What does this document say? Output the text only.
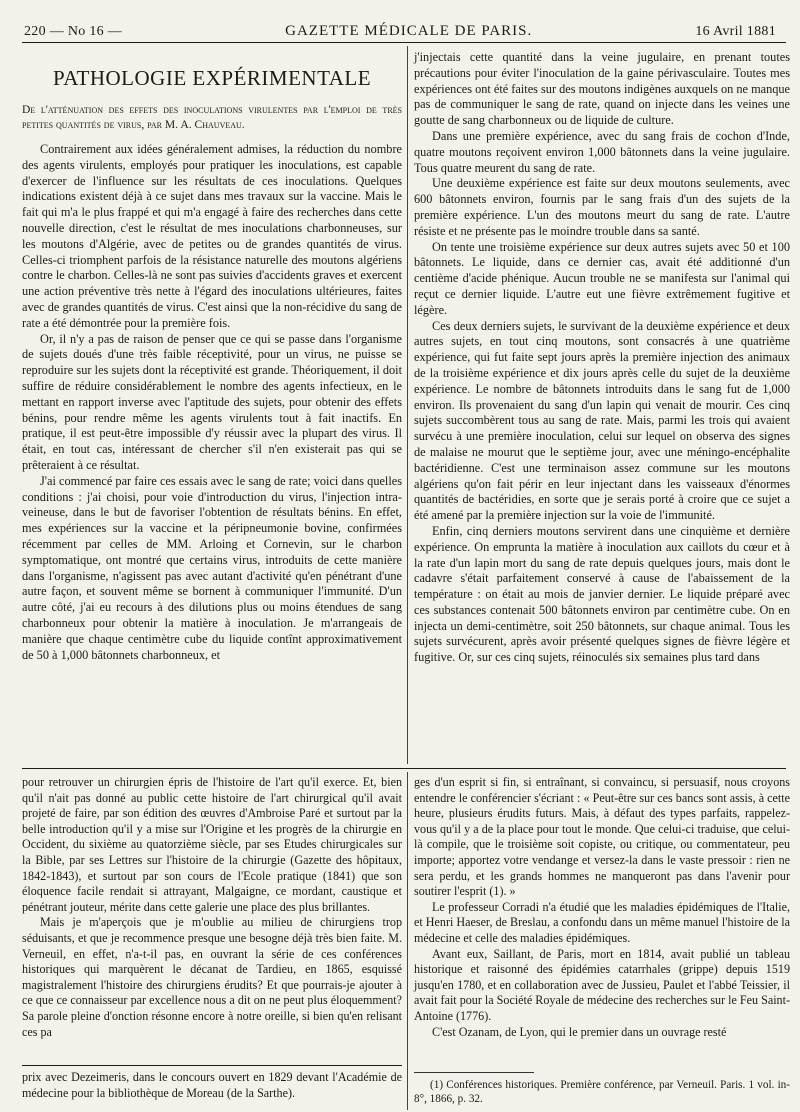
220 — No 16 —	GAZETTE MÉDICALE DE PARIS.	16 Avril 1881
PATHOLOGIE EXPÉRIMENTALE

De l'atténuation des effets des inoculations virulentes par l'emploi de très petites quantités de virus, par M. A. Chauveau.

Contrairement aux idées généralement admises, la réduction du nombre des agents virulents, employés pour pratiquer les inoculations, est capable d'exercer de l'influence sur les résultats de ces inoculations. Quelques indications existent déjà à ce sujet dans mes travaux sur la vaccine. Mais le fait qui m'a le plus frappé et qui m'a engagé à faire des recherches dans cette nouvelle direction, c'est le résultat de mes inoculations charbonneuses, sur les moutons d'Algérie, avec de petites ou de grandes quantités de virus. Celles-ci triomphent parfois de la résistance naturelle des moutons algériens contre le charbon. Celles-là ne sont pas suivies d'accidents graves et exercent une action préventive très nette à l'égard des inoculations ultérieures, faites avec de grandes quantités de virus. C'est ainsi que la non-récidive du sang de rate a été démontrée pour la première fois.

Or, il n'y a pas de raison de penser que ce qui se passe dans l'organisme de sujets doués d'une très faible réceptivité, pour un virus, ne puisse se reproduire sur les sujets dont la réceptivité est grande. Théoriquement, il doit suffire de réduire considérablement le nombre des agents infectieux, en le mettant en rapport inverse avec l'aptitude des sujets, pour obtenir des effets bénins, pour rendre même les agents virulents tout à fait inactifs. En pratique, il est peut-être impossible d'y réussir avec la plupart des virus. Il était, en tout cas, intéressant de chercher s'il n'en existerait pas qui se prêteraient à ce résultat.

J'ai commencé par faire ces essais avec le sang de rate; voici dans quelles conditions : j'ai choisi, pour voie d'introduction du virus, l'injection intra-veineuse, dans le but de favoriser l'obtention de résultats bénins. En effet, mes expériences sur la vaccine et la péripneumonie bovine, confirmées récemment par celles de MM. Arloing et Cornevin, sur le charbon symptomatique, ont montré que certains virus, introduits de cette manière dans l'organisme, n'agissent pas avec autant d'activité qu'en pénétrant d'une autre façon, et souvent même se bornent à communiquer l'immunité. D'un autre côté, j'ai eu recours à des dilutions plus ou moins étendues de sang charbonneux pour obtenir la matière à inoculation. Je m'arrangeais de manière que chaque centimètre cube du liquide contînt approximativement de 50 à 1,000 bâtonnets charbonneux, et

j'injectais cette quantité dans la veine jugulaire, en prenant toutes précautions pour éviter l'inoculation de la gaine périvasculaire. Toutes mes expériences ont été faites sur des moutons indigènes auxquels on ne manque pas de communiquer le sang de rate, quand on injecte dans les veines une goutte de sang charbonneux ou de liquide de culture.

Dans une première expérience, avec du sang frais de cochon d'Inde, quatre moutons reçoivent environ 1,000 bâtonnets dans la veine jugulaire. Tous quatre meurent du sang de rate.

Une deuxième expérience est faite sur deux moutons seulements, avec 600 bâtonnets environ, fournis par le sang frais d'un des sujets de la première expérience. L'un des moutons meurt du sang de rate. L'autre résiste et ne présente pas le moindre trouble dans sa santé.

On tente une troisième expérience sur deux autres sujets avec 50 et 100 bâtonnets. Le liquide, dans ce dernier cas, avait été additionné d'un centième d'acide phénique. Aucun trouble ne se manifesta sur l'animal qui reçut ce dernier liquide. L'autre eut une fièvre extrêmement fugitive et légère.

Ces deux derniers sujets, le survivant de la deuxième expérience et deux autres sujets, en tout cinq moutons, sont consacrés à une quatrième expérience, qui fut faite sept jours après la première injection des animaux de la troisième expérience et dix jours après celle du sujet de la deuxième expérience. Le nombre de bâtonnets introduits dans le sang fut de 1,000 environ. Ils provenaient du sang d'un lapin qui venait de mourir. Ces cinq sujets succombèrent tous au sang de rate. Mais, parmi les trois qui avaient survécu à une première inoculation, celui sur lequel on observa des signes de malaise ne mourut que le septième jour, avec une méningo-encéphalite bactéridienne. C'est une terminaison assez commune sur les moutons algériens qu'on fait périr en leur injectant dans les vaisseaux d'énormes quantités de bactéridies, en sorte que je serais porté à croire que ce sujet a été amené par la première injection sur la voie de l'immunité.

Enfin, cinq derniers moutons servirent dans une cinquième et dernière expérience. On emprunta la matière à inoculation aux caillots du cœur et à la rate d'un lapin mort du sang de rate depuis quelques jours, mais dont le cadavre s'était parfaitement conservé à cause de l'abaissement de la température : on était au mois de janvier dernier. Le liquide préparé avec ces substances contenait 500 bâtonnets environ par centimètre cube. On en injecta un demi-centimètre, soit 250 bâtonnets, sur chaque animal. Tous les sujets survécurent, après avoir présenté quelques signes de fièvre légère et fugitive. Or, sur ces cinq sujets, réinoculés six semaines plus tard dans

pour retrouver un chirurgien épris de l'histoire de l'art qu'il exerce. Et, bien qu'il n'ait pas donné au public cette histoire de l'art chirurgical qu'il avait projeté de faire, par son édition des œuvres d'Ambroise Paré et surtout par la belle introduction qu'il y a mise sur l'Origine et les progrès de la chirurgie en Occident, du sixième au quatorzième siècle, par ses Etudes chirurgicales sur la Bible, par ses Lettres sur l'histoire de la chirurgie (Gazette des hôpitaux, 1842-1843), et surtout par son cours de l'Ecole pratique (1841) que son éloquence facile rendait si attrayant, Malgaigne, ce mordant, caustique et pénétrant jouteur, mérite dans cette galerie une place des plus brillantes.

Mais je m'aperçois que je m'oublie au milieu de chirurgiens trop séduisants, et que je recommence presque une besogne déjà très bien faite. M. Verneuil, en effet, n'a-t-il pas, en ouvrant la série de ces conférences historiques qui marquèrent le décanat de Tardieu, en 1865, esquissé magistralement l'histoire des chirurgiens érudits? Et que pourrais-je ajouter à ce que ce connaisseur par excellence nous a dit on ne peut plus éloquemment? Sa parole pleine d'onction résonne encore à notre oreille, si bien qu'en relisant ces pa

prix avec Dezeimeris, dans le concours ouvert en 1829 devant l'Académie de médecine pour la bibliothèque de Moreau (de la Sarthe).

ges d'un esprit si fin, si entraînant, si convaincu, si persuasif, nous croyons entendre le conférencier s'écriant : « Peut-être sur ces bancs sont assis, à cette heure, plusieurs érudits futurs. Mais, à défaut des types parfaits, rappelez-vous qu'il y a de la place pour tout le monde. Que celui-ci traduise, que celui-là compile, que le troisième soit copiste, ou critique, ou commentateur, peu importe; apportez votre vendange et versez-la dans le vaste pressoir : rien ne sera perdu, et les grands hommes ne manqueront pas dans l'avenir pour soutirer l'esprit (1). »

Le professeur Corradi n'a étudié que les maladies épidémiques de l'Italie, et Henri Haeser, de Breslau, a confondu dans un même manuel l'histoire de la médecine et celle des maladies épidémiques.

Avant eux, Saillant, de Paris, mort en 1814, avait publié un tableau historique et raisonné des épidémies catarrhales (grippe) depuis 1519 jusqu'en 1780, et en collaboration avec de Jussieu, Paulet et l'abbé Teissier, il avait fait pour la Société Royale de médecine des recherches sur le Feu Saint-Antoine (1776).

C'est Ozanam, de Lyon, qui le premier dans un ouvrage resté

(1) Conférences historiques. Première conférence, par Verneuil. Paris. 1 vol. in-8°, 1866, p. 32.
